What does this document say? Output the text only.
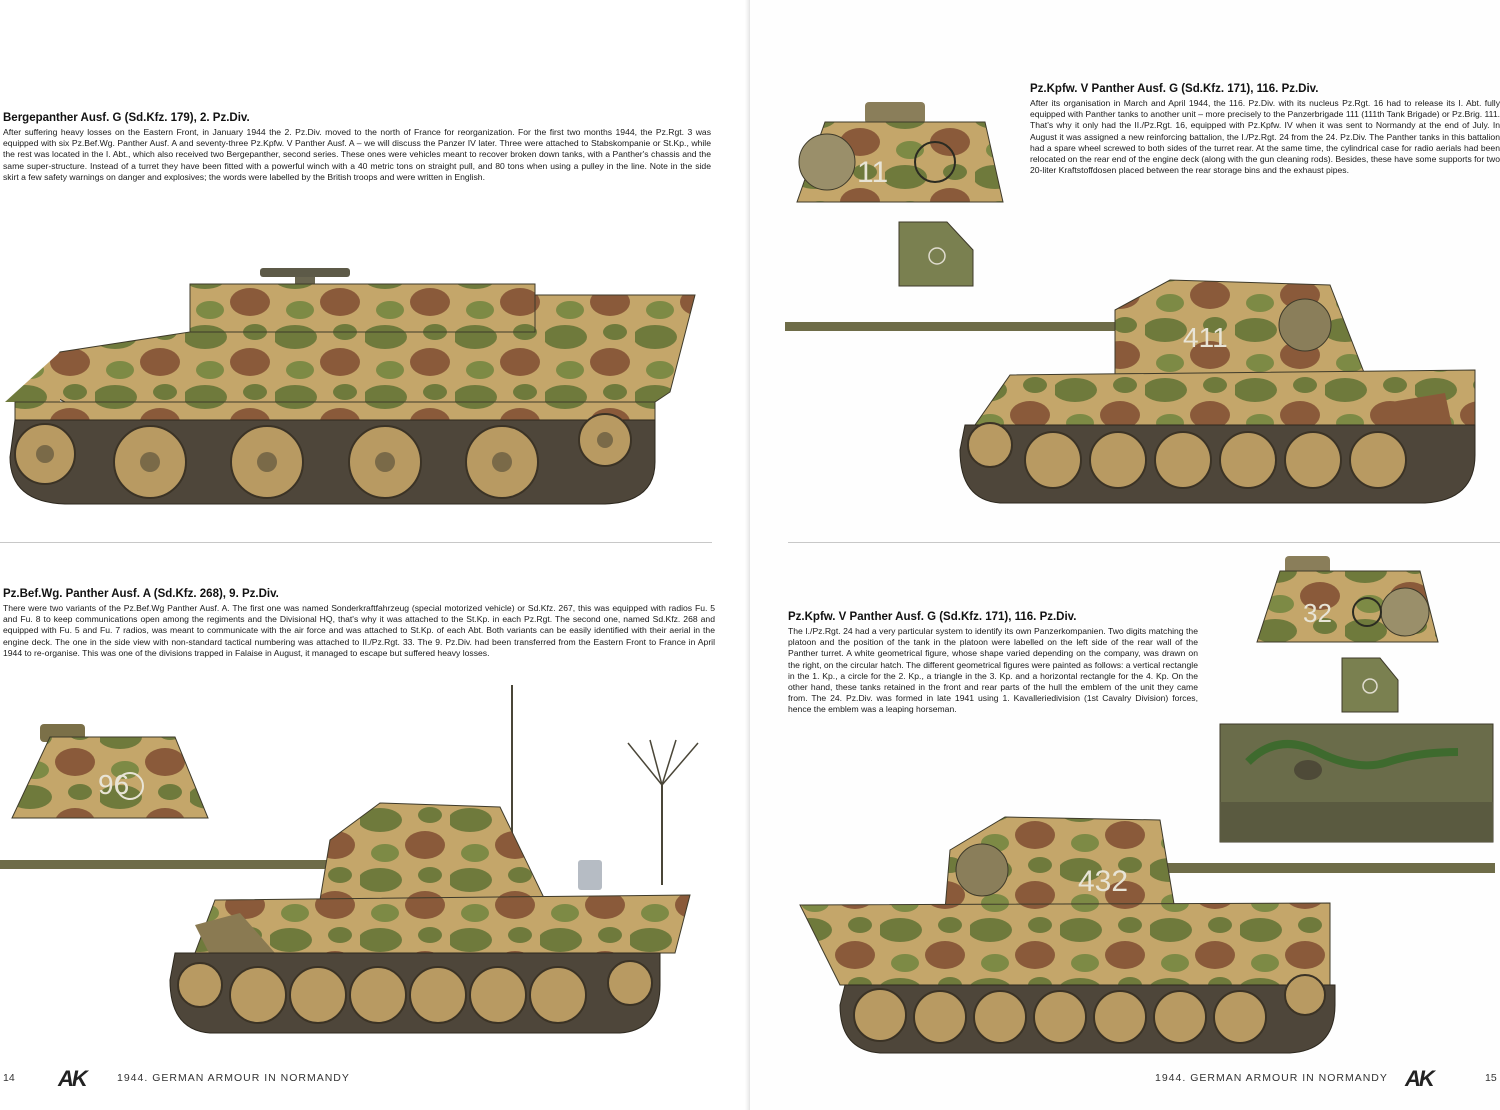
Bergepanther Ausf. G (Sd.Kfz. 179), 2. Pz.Div.

After suffering heavy losses on the Eastern Front, in January 1944 the 2. Pz.Div. moved to the north of France for reorganization. For the first two months 1944, the Pz.Rgt. 3 was equipped with six Pz.Bef.Wg. Panther Ausf. A and seventy-three Pz.Kpfw. V Panther Ausf. A – we will discuss the Panzer IV later. Three were attached to Stabskompanie or St.Kp., while the rest was located in the I. Abt., which also received two Bergepanther, second series. These ones were vehicles meant to recover broken down tanks, with a Panther's chassis and the same super-structure. Instead of a turret they have been fitted with a powerful winch with a 40 metric tons on straight pull, and 80 tons when using a pulley in the line. Note in the side skirt a few safety warnings on danger and explosives; the words were labelled by the British troops and were written in English.

Pz.Bef.Wg. Panther Ausf. A (Sd.Kfz. 268), 9. Pz.Div.

There were two variants of the Pz.Bef.Wg Panther Ausf. A. The first one was named Sonderkraftfahrzeug (special motorized vehicle) or Sd.Kfz. 267, this was equipped with radios Fu. 5 and Fu. 8 to keep communications open among the regiments and the Divisional HQ, that's why it was attached to the St.Kp. in each Pz.Rgt. The second one, named Sd.Kfz. 268 and equipped with Fu. 5 and Fu. 7 radios, was meant to communicate with the air force and was attached to St.Kp. of each Abt. Both variants can be easily identified with their aerial in the engine deck. The one in the side view with non-standard tactical numbering was attached to II./Pz.Rgt. 33. The 9. Pz.Div. had been transferred from the Eastern Front to France in April 1944 to re-organise. This was one of the divisions trapped in Falaise in August, it managed to escape but suffered heavy losses.

96
14 AK	1944. GERMAN ARMOUR IN NORMANDY
11
Pz.Kpfw. V Panther Ausf. G (Sd.Kfz. 171), 116. Pz.Div.

After its organisation in March and April 1944, the 116. Pz.Div. with its nucleus Pz.Rgt. 16 had to release its I. Abt. fully equipped with Panther tanks to another unit – more precisely to the Panzerbrigade 111 (111th Tank Brigade) or Pz.Brig. 111. That's why it only had the II./Pz.Rgt. 16, equipped with Pz.Kpfw. IV when it was sent to Normandy at the end of July. In August it was assigned a new reinforcing battalion, the I./Pz.Rgt. 24 from the 24. Pz.Div. The Panther tanks in this battalion had a spare wheel screwed to both sides of the turret rear. At the same time, the cylindrical case for radio aerials had been relocated on the rear end of the engine deck (along with the gun cleaning rods). Besides, these have some supports for two 20-liter Kraftstoffdosen placed between the rear storage bins and the exhaust pipes.

411
32
Pz.Kpfw. V Panther Ausf. G (Sd.Kfz. 171), 116. Pz.Div.

The I./Pz.Rgt. 24 had a very particular system to identify its own Panzerkompanien. Two digits matching the platoon and the position of the tank in the platoon were labelled on the left side of the rear wall of the Panther turret. A white geometrical figure, whose shape varied depending on the company, was drawn on the right, on the circular hatch. The different geometrical figures were painted as follows: a vertical rectangle in the 1. Kp., a circle for the 2. Kp., a triangle in the 3. Kp. and a horizontal rectangle for the 4. Kp. On the other hand, these tanks retained in the front and rear parts of the hull the emblem of the unit they came from. The 24. Pz.Div. was formed in late 1941 using 1. Kavalleriedivision (1st Cavalry Division) forces, hence the emblem was a leaping horseman.

432
1944. GERMAN ARMOUR IN NORMANDY AK	15
